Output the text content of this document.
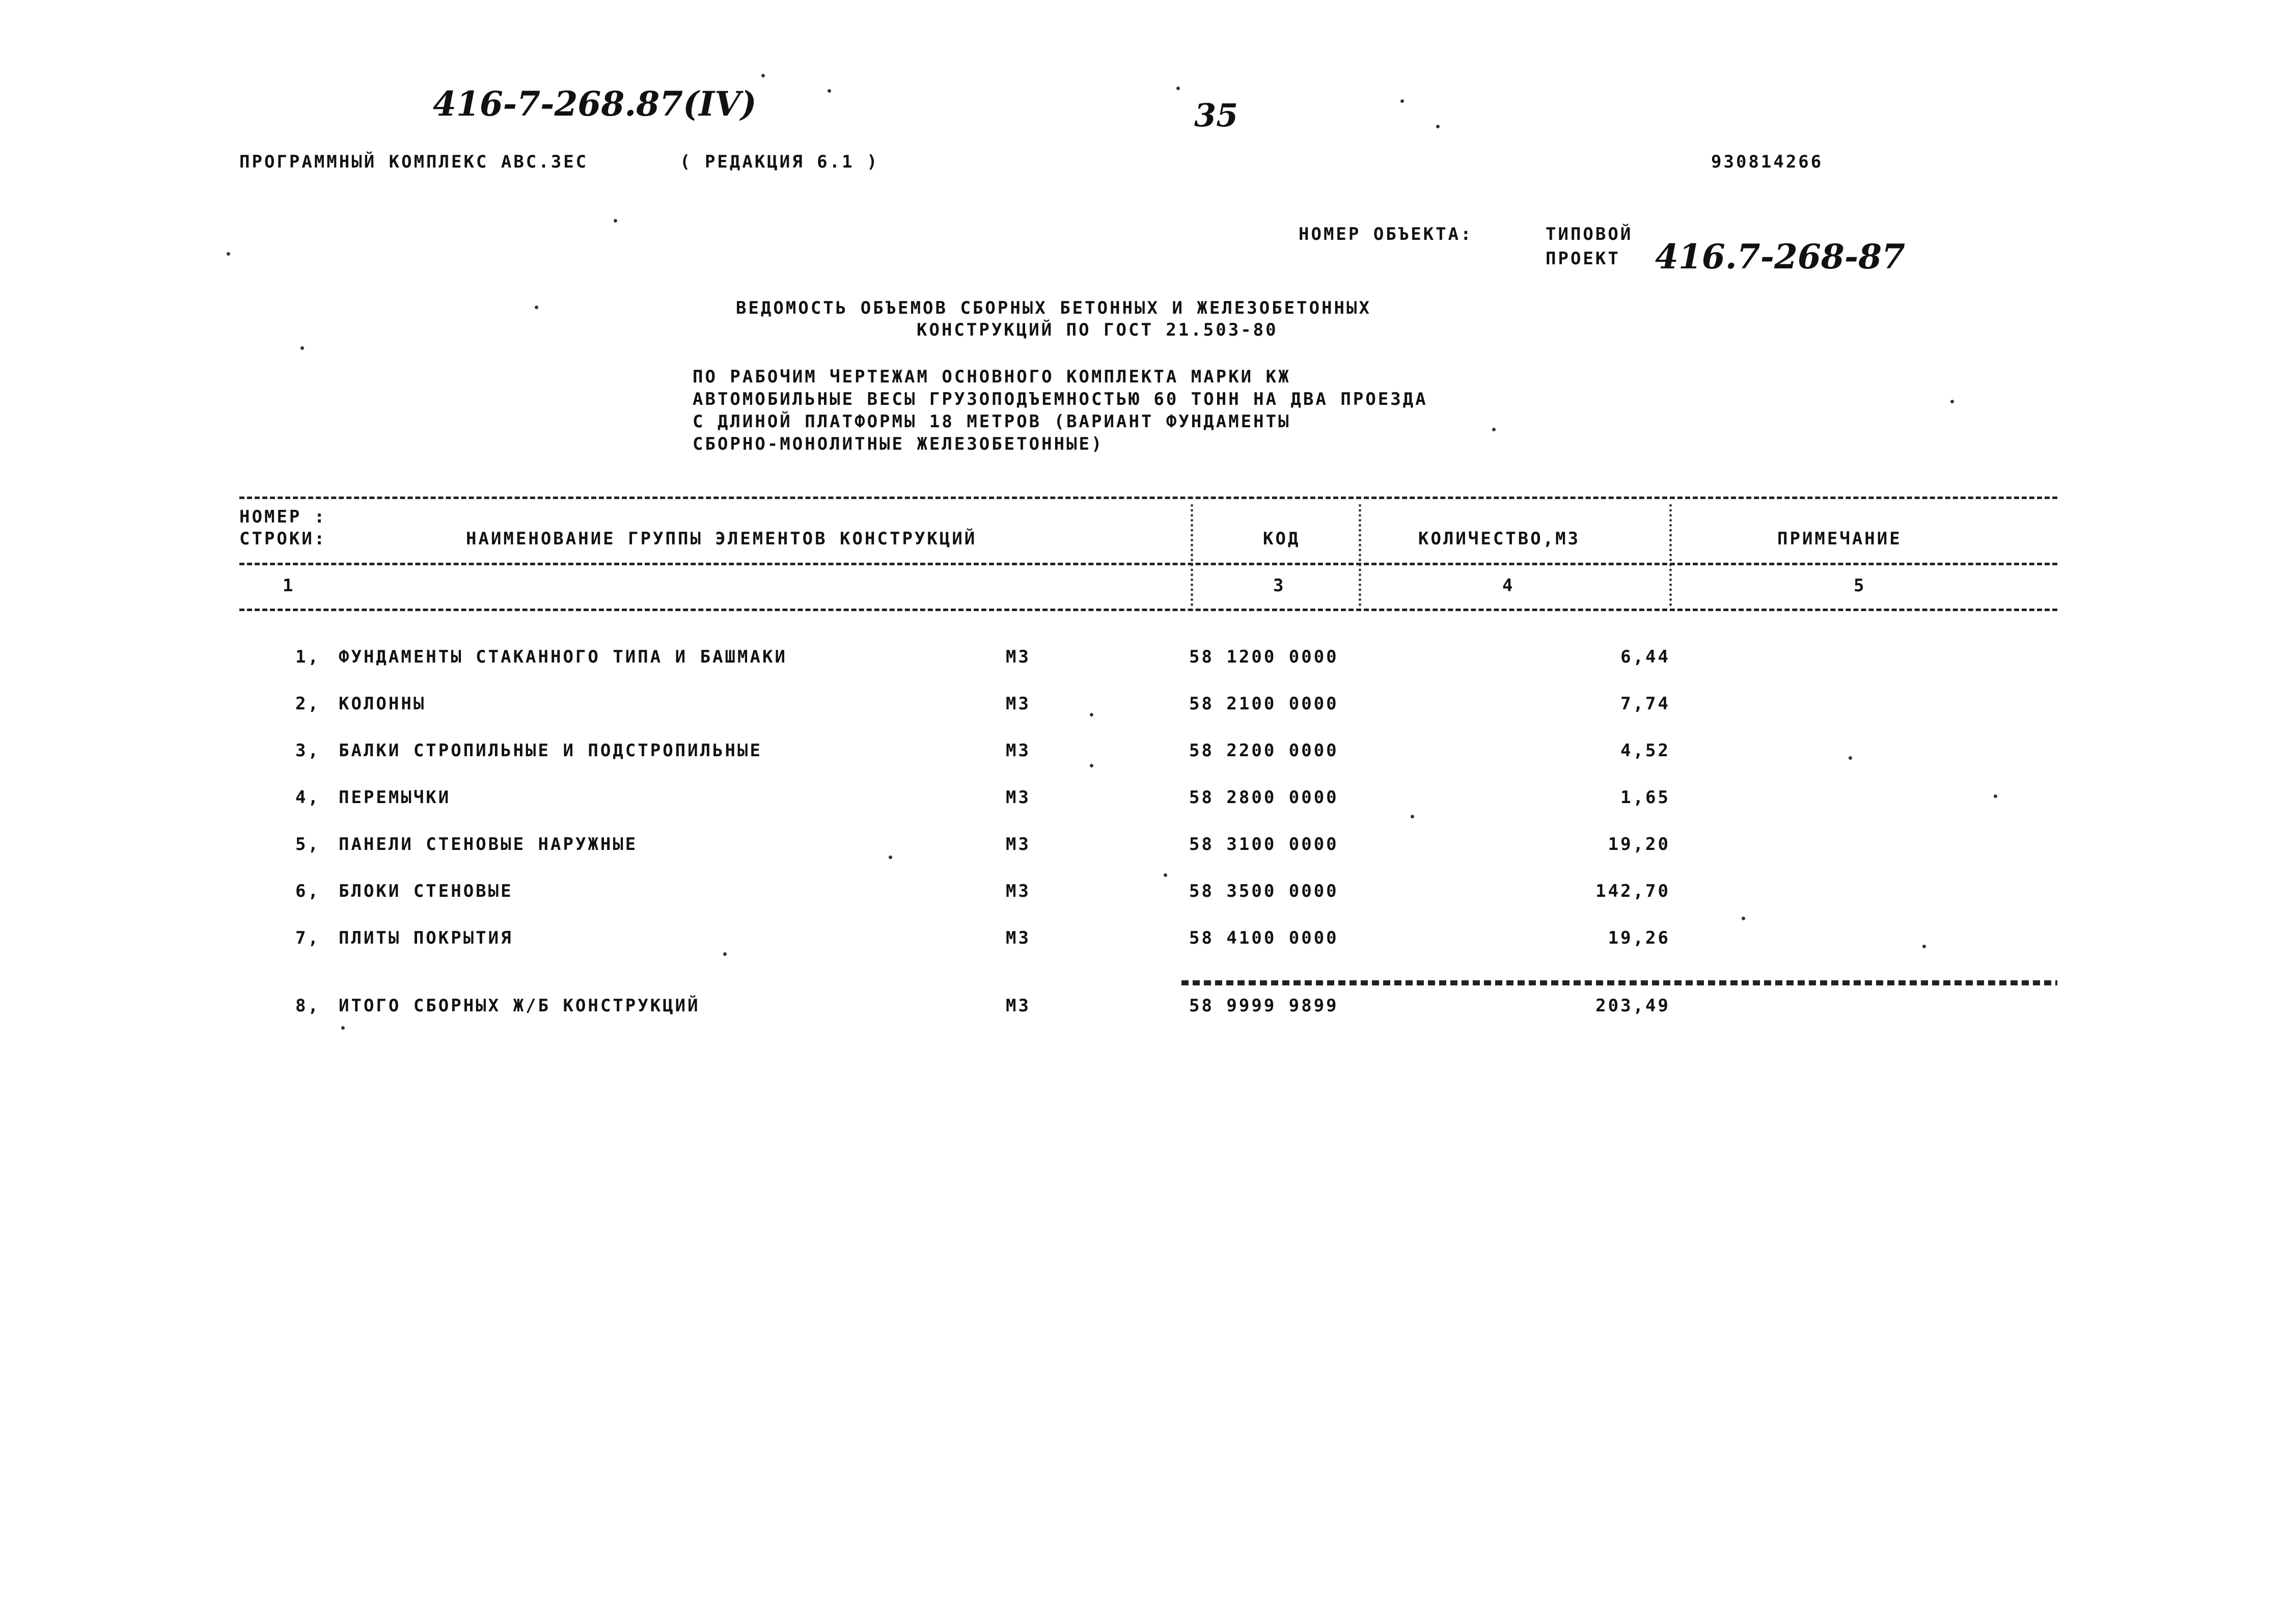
416-7-268.87(IV)	35
ПРОГРАММНЫЙ КОМПЛЕКС АВС.3ЕС	( РЕДАКЦИЯ 6.1 )	930814266
НОМЕР ОБЪЕКТА:	ТИПОВОЙ
ПРОЕКТ 416.7-268-87
ВЕДОМОСТЬ ОБЪЕМОВ СБОРНЫХ БЕТОННЫХ И ЖЕЛЕЗОБЕТОННЫХ
КОНСТРУКЦИЙ ПО ГОСТ 21.503-80
ПО РАБОЧИМ ЧЕРТЕЖАМ ОСНОВНОГО КОМПЛЕКТА МАРКИ КЖ
АВТОМОБИЛЬНЫЕ ВЕСЫ ГРУЗОПОДЪЕМНОСТЬЮ 60 ТОНН НА ДВА ПРОЕЗДА
С ДЛИНОЙ ПЛАТФОРМЫ 18 МЕТРОВ (ВАРИАНТ ФУНДАМЕНТЫ
СБОРНО-МОНОЛИТНЫЕ ЖЕЛЕЗОБЕТОННЫЕ)
НОМЕР :
СТРОКИ:	НАИМЕНОВАНИЕ ГРУППЫ ЭЛЕМЕНТОВ КОНСТРУКЦИЙ	КОД	КОЛИЧЕСТВО,М3	ПРИМЕЧАНИЕ
1	3	4	5
1, ФУНДАМЕНТЫ СТАКАННОГО ТИПА И БАШМАКИ	М3	58 1200 0000	6,44
2, КОЛОННЫ	М3	58 2100 0000	7,74
3, БАЛКИ СТРОПИЛЬНЫЕ И ПОДСТРОПИЛЬНЫЕ	М3	58 2200 0000	4,52
4, ПЕРЕМЫЧКИ	М3	58 2800 0000	1,65
5, ПАНЕЛИ СТЕНОВЫЕ НАРУЖНЫЕ	М3	58 3100 0000	19,20
6, БЛОКИ СТЕНОВЫЕ	М3	58 3500 0000	142,70
7, ПЛИТЫ ПОКРЫТИЯ	М3	58 4100 0000	19,26
8, ИТОГО СБОРНЫХ Ж/Б КОНСТРУКЦИЙ	М3	58 9999 9899	203,49
